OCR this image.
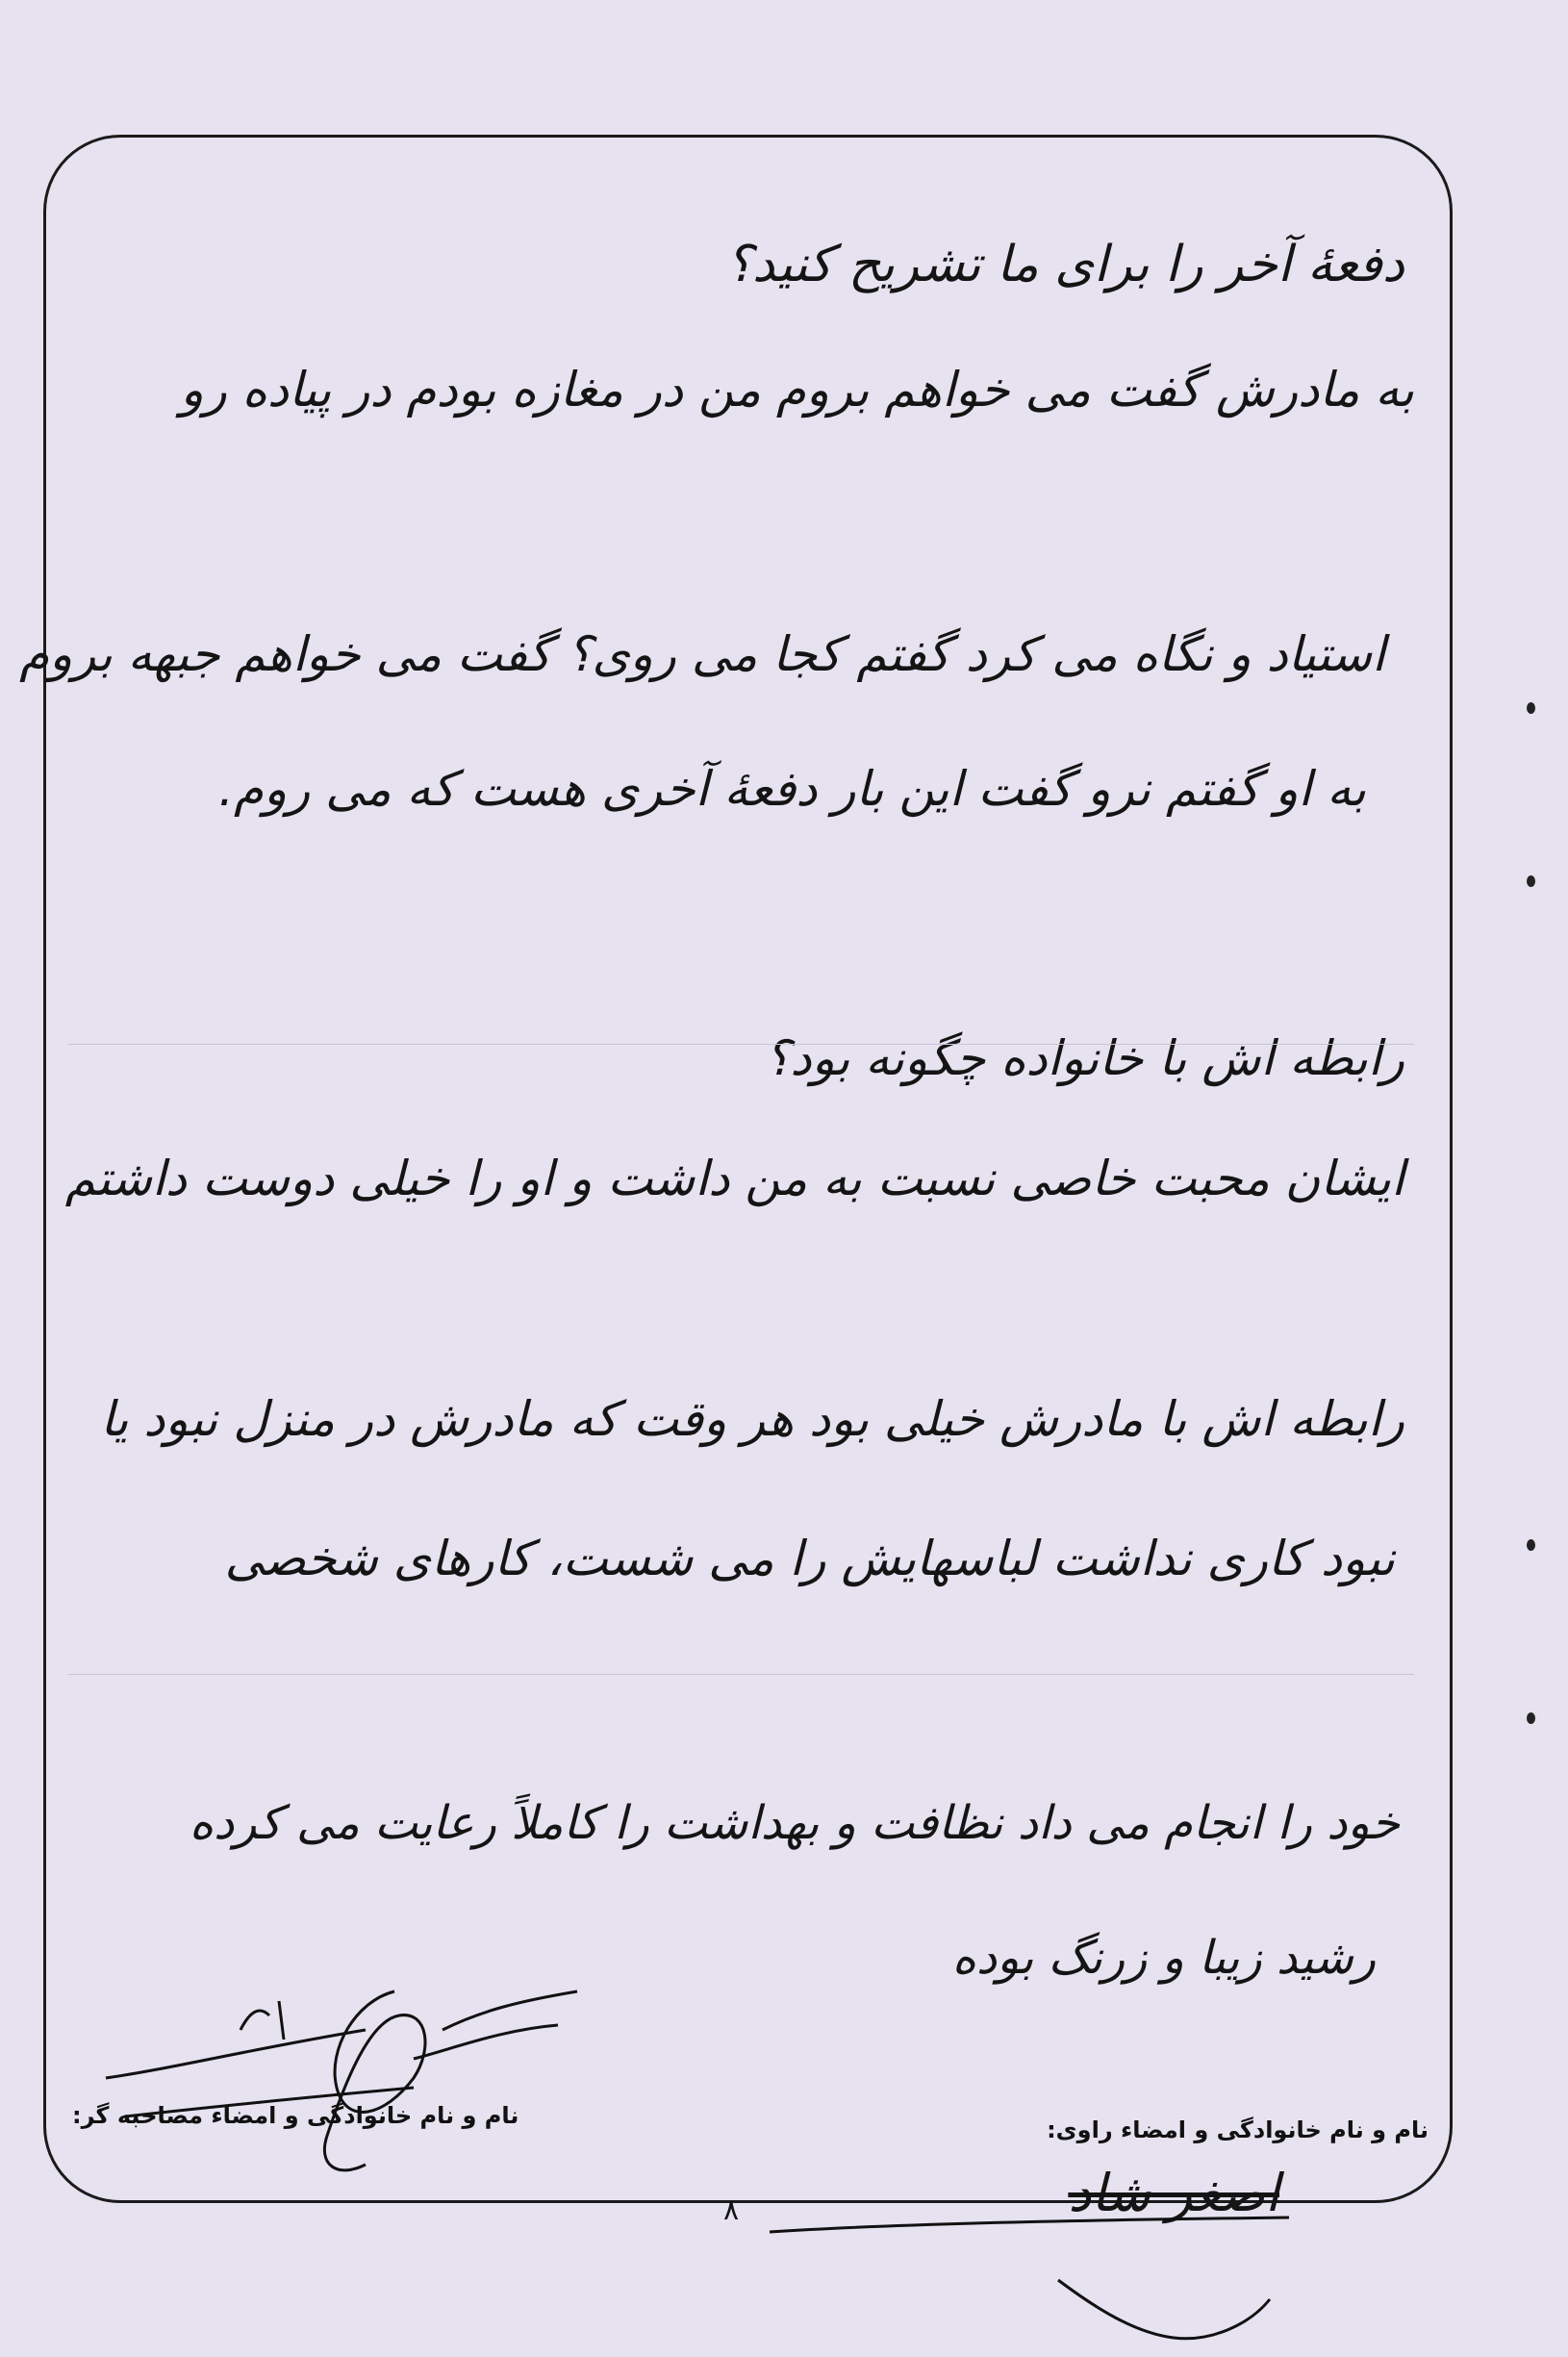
دفعهٔ آخر را برای ما تشریح کنید؟
به مادرش گفت می خواهم بروم من در مغازه بودم در پیاده رو
استیاد و نگاه می کرد گفتم کجا می روی؟ گفت می خواهم جبهه بروم
به او گفتم نرو گفت این بار دفعهٔ آخری هست که می روم.
رابطه اش با خانواده چگونه بود؟
ایشان محبت خاصی نسبت به من داشت و او را خیلی دوست داشتم
رابطه اش با مادرش خیلی بود هر وقت که مادرش در منزل نبود یا
نبود کاری نداشت لباسهایش را می شست، کارهای شخصی
خود را انجام می داد نظافت و بهداشت را کاملاً رعایت می کرده
رشید زیبا و زرنگ بوده
نام و نام خانوادگی و امضاء مصاحبه گر:
نام و نام خانوادگی و امضاء راوی:
اصغر شاد
۸
